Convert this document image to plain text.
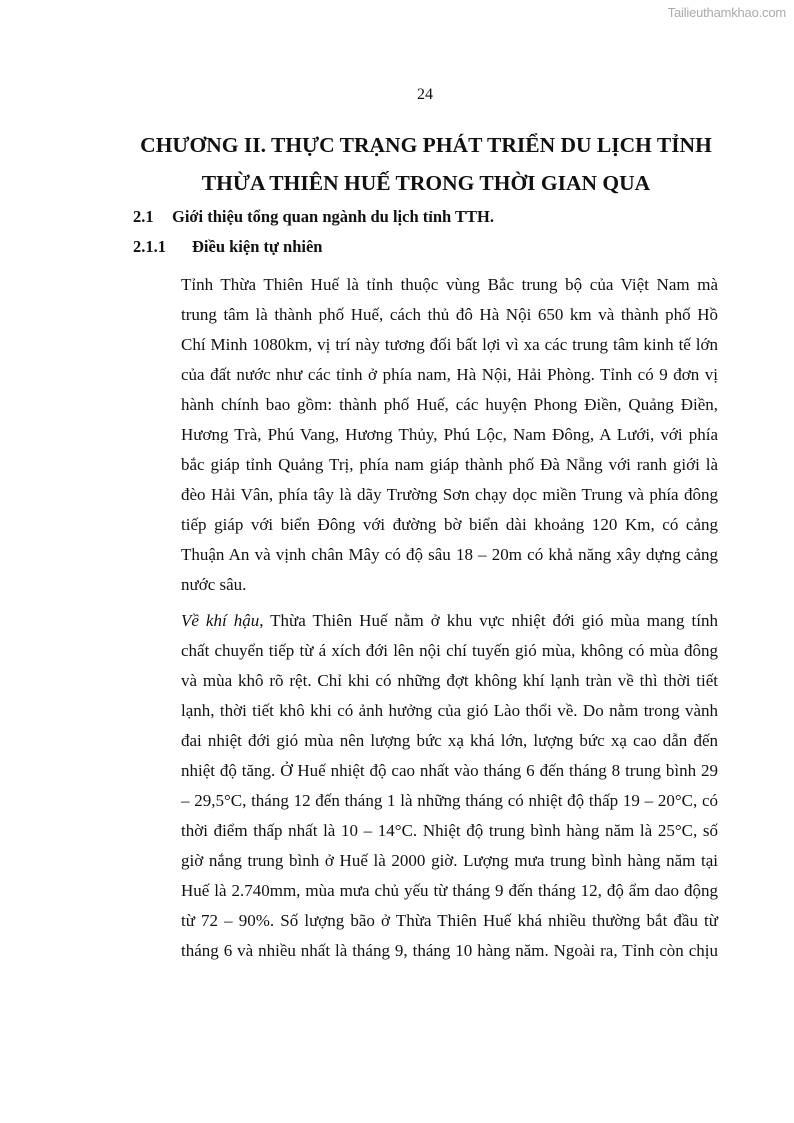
Tailieuthamkhao.com
24
CHƯƠNG II. THỰC TRẠNG PHÁT TRIỂN DU LỊCH TỈNH
THỪA THIÊN HUẾ TRONG THỜI GIAN QUA
2.1 Giới thiệu tổng quan ngành du lịch tỉnh TTH.
2.1.1 Điều kiện tự nhiên
Tỉnh Thừa Thiên Huế là tỉnh thuộc vùng Bắc trung bộ của Việt Nam mà
trung tâm là thành phố Huế, cách thủ đô Hà Nội 650 km và thành phố Hồ
Chí Minh 1080km, vị trí này tương đối bất lợi vì xa các trung tâm kinh tế lớn
của đất nước như các tỉnh ở phía nam, Hà Nội, Hải Phòng. Tỉnh có 9 đơn vị
hành chính bao gồm: thành phố Huế, các huyện Phong Điền, Quảng Điền,
Hương Trà, Phú Vang, Hương Thủy, Phú Lộc, Nam Đông, A Lưới, với phía
bắc giáp tỉnh Quảng Trị, phía nam giáp thành phố Đà Nẵng với ranh giới là
đèo Hải Vân, phía tây là dãy Trường Sơn chạy dọc miền Trung và phía đông
tiếp giáp với biển Đông với đường bờ biển dài khoảng 120 Km, có cảng
Thuận An và vịnh chân Mây có độ sâu 18 – 20m có khả năng xây dựng cảng
nước sâu.
Về khí hậu, Thừa Thiên Huế nằm ở khu vực nhiệt đới gió mùa mang tính
chất chuyển tiếp từ á xích đới lên nội chí tuyến gió mùa, không có mùa đông
và mùa khô rõ rệt. Chỉ khi có những đợt không khí lạnh tràn về thì thời tiết
lạnh, thời tiết khô khi có ảnh hưởng của gió Lào thổi về. Do nằm trong vành
đai nhiệt đới gió mùa nên lượng bức xạ khá lớn, lượng bức xạ cao dẫn đến
nhiệt độ tăng. Ở Huế nhiệt độ cao nhất vào tháng 6 đến tháng 8 trung bình 29
– 29,5°C, tháng 12 đến tháng 1 là những tháng có nhiệt độ thấp 19 – 20°C, có
thời điểm thấp nhất là 10 – 14°C. Nhiệt độ trung bình hàng năm là 25°C, số
giờ nắng trung bình ở Huế là 2000 giờ. Lượng mưa trung bình hàng năm tại
Huế là 2.740mm, mùa mưa chủ yếu từ tháng 9 đến tháng 12, độ ẩm dao động
từ 72 – 90%. Số lượng bão ở Thừa Thiên Huế khá nhiều thường bắt đầu từ
tháng 6 và nhiều nhất là tháng 9, tháng 10 hàng năm. Ngoài ra, Tỉnh còn chịu
